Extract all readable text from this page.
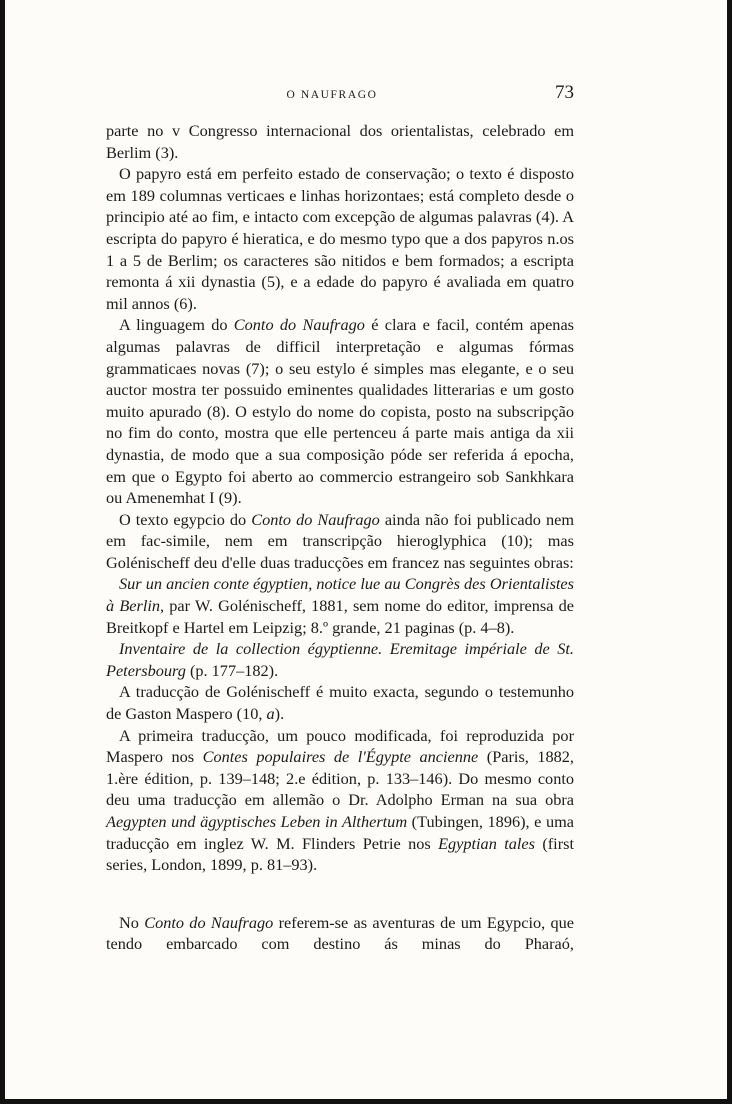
O NAUFRAGO	73

parte no v Congresso internacional dos orientalistas, celebrado em Berlim (3).

O papyro está em perfeito estado de conservação; o texto é disposto em 189 columnas verticaes e linhas horizontaes; está completo desde o principio até ao fim, e intacto com excepção de algumas palavras (4). A escripta do papyro é hieratica, e do mesmo typo que a dos papyros n.os 1 a 5 de Berlim; os caracteres são nitidos e bem formados; a escripta remonta á xii dynastia (5), e a edade do papyro é avaliada em quatro mil annos (6).

A linguagem do Conto do Naufrago é clara e facil, contém apenas algumas palavras de difficil interpretação e algumas fórmas grammaticaes novas (7); o seu estylo é simples mas elegante, e o seu auctor mostra ter possuido eminentes qualidades litterarias e um gosto muito apurado (8). O estylo do nome do copista, posto na subscripção no fim do conto, mostra que elle pertenceu á parte mais antiga da xii dynastia, de modo que a sua composição póde ser referida á epocha, em que o Egypto foi aberto ao commercio estrangeiro sob Sankhkara ou Amenemhat I (9).

O texto egypcio do Conto do Naufrago ainda não foi publicado nem em fac-simile, nem em transcripção hieroglyphica (10); mas Golénischeff deu d'elle duas traducções em francez nas seguintes obras:

Sur un ancien conte égyptien, notice lue au Congrès des Orientalistes à Berlin, par W. Golénischeff, 1881, sem nome do editor, imprensa de Breitkopf e Hartel em Leipzig; 8.º grande, 21 paginas (p. 4–8).

Inventaire de la collection égyptienne. Eremitage impériale de St. Petersbourg (p. 177–182).

A traducção de Golénischeff é muito exacta, segundo o testemunho de Gaston Maspero (10, a).

A primeira traducção, um pouco modificada, foi reproduzida por Maspero nos Contes populaires de l'Égypte ancienne (Paris, 1882, 1.ère édition, p. 139–148; 2.e édition, p. 133–146). Do mesmo conto deu uma traducção em allemão o Dr. Adolpho Erman na sua obra Aegypten und ägyptisches Leben in Althertum (Tubingen, 1896), e uma traducção em inglez W. M. Flinders Petrie nos Egyptian tales (first series, London, 1899, p. 81–93).

No Conto do Naufrago referem-se as aventuras de um Egypcio, que tendo embarcado com destino ás minas do Pharaó,
